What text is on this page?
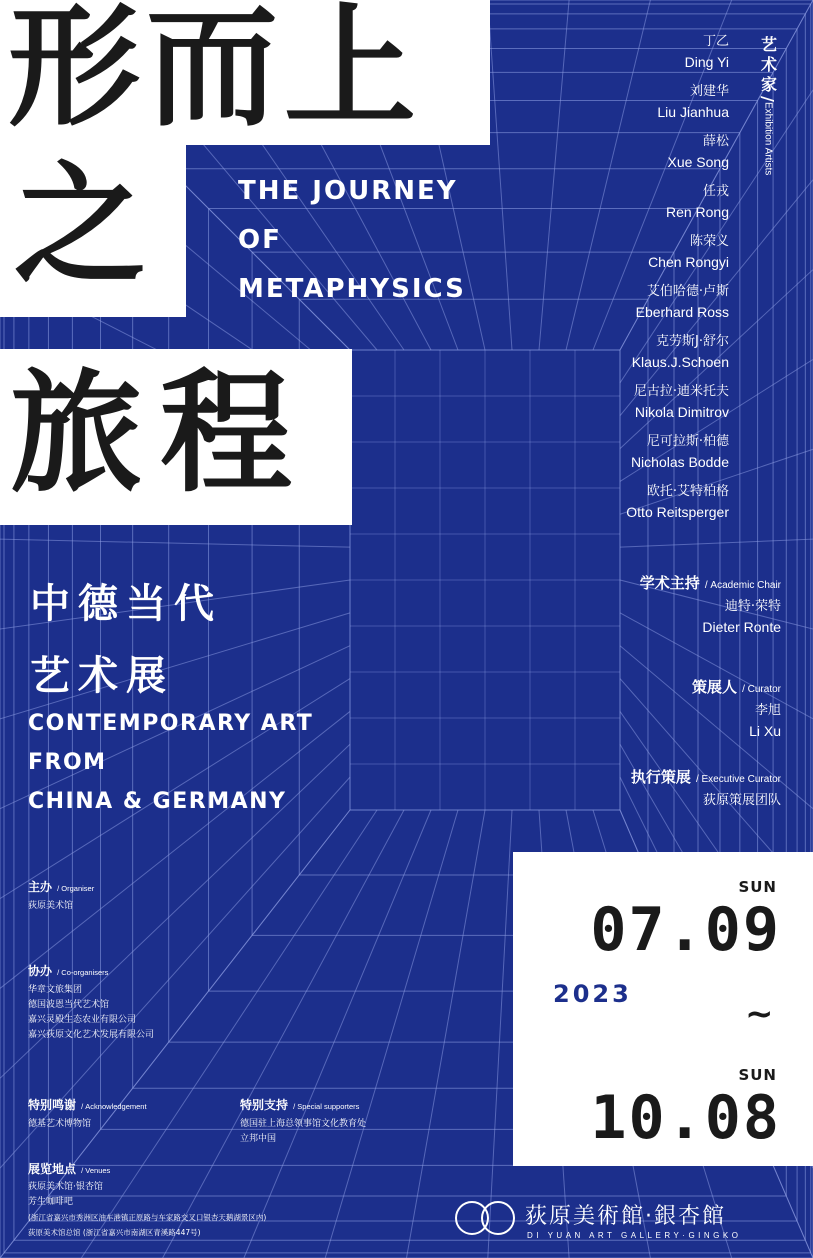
形而上
之
旅程
THE JOURNEY
OF
METAPHYSICS
中德当代
艺术展
CONTEMPORARY ART
FROM
CHINA & GERMANY
艺术家
/
Exhibition Artists
丁乙
Ding Yi
刘建华
Liu Jianhua
薛松
Xue Song
任戎
Ren Rong
陈荣义
Chen Rongyi
艾伯哈德·卢斯
Eberhard Ross
克劳斯J·舒尔
Klaus.J.Schoen
尼古拉·迪米托夫
Nikola Dimitrov
尼可拉斯·柏德
Nicholas Bodde
欧托·艾特柏格
Otto Reitsperger
学术主持 / Academic Chair
迪特·荣特
Dieter Ronte
策展人 / Curator
李旭
Li Xu
执行策展 / Executive Curator
荻原策展团队
主办 / Organiser
荻原美术馆
协办 / Co-organisers
华章文旅集团
德国波恩当代艺术馆
嘉兴灵殿生态农业有限公司
嘉兴荻原文化艺术发展有限公司
特别鸣谢 / Acknowledgement
德基艺术博物馆
特别支持 / Special supporters
德国驻上海总领事馆文化教育处
立邦中国
展览地点 / Venues
荻原美术馆·银杏馆
芳生咖啡吧
(浙江省嘉兴市秀洲区油车港镇正原路与车家路交叉口银杏天鹅湖景区内)
荻原美术馆总馆 (浙江省嘉兴市南湖区青溪路447号)
SUN
07.09
2023	~
SUN
10.08
荻原美術館·銀杏館
DI YUAN ART GALLERY·GINGKO
